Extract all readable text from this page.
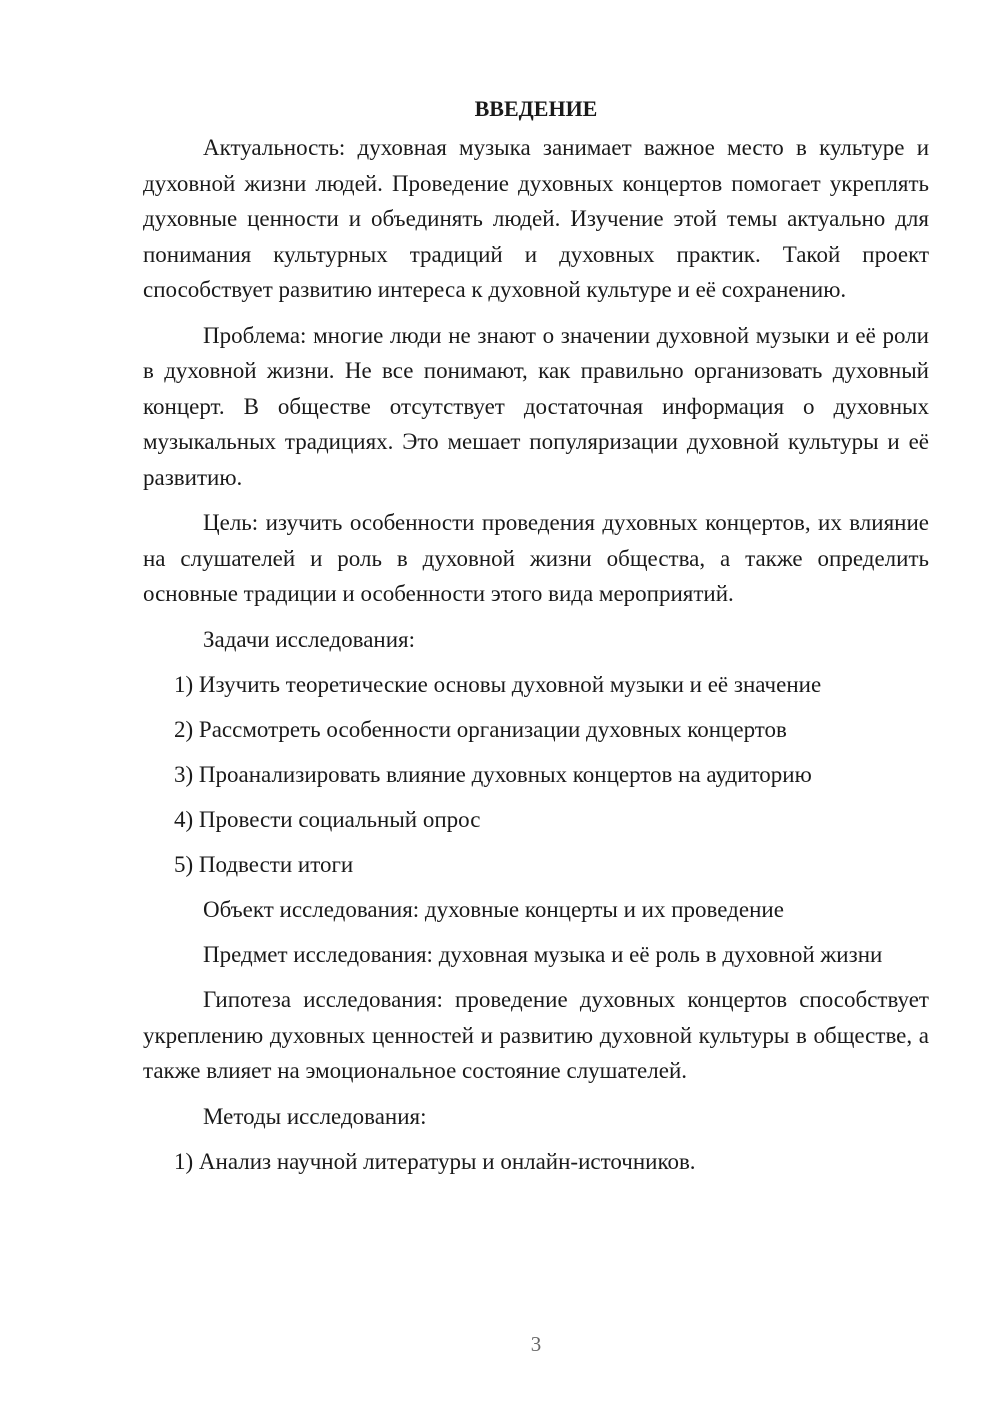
ВВЕДЕНИЕ

Актуальность: духовная музыка занимает важное место в культуре и духовной жизни людей. Проведение духовных концертов помогает укреплять духовные ценности и объединять людей. Изучение этой темы актуально для понимания культурных традиций и духовных практик. Такой проект способствует развитию интереса к духовной культуре и её сохранению.

Проблема: многие люди не знают о значении духовной музыки и её роли в духовной жизни. Не все понимают, как правильно организовать духовный концерт. В обществе отсутствует достаточная информация о духовных музыкальных традициях. Это мешает популяризации духовной культуры и её развитию.

Цель: изучить особенности проведения духовных концертов, их влияние на слушателей и роль в духовной жизни общества, а также определить основные традиции и особенности этого вида мероприятий.

Задачи исследования:

1) Изучить теоретические основы духовной музыки и её значение
2) Рассмотреть особенности организации духовных концертов
3) Проанализировать влияние духовных концертов на аудиторию
4) Провести социальный опрос
5) Подвести итоги

Объект исследования: духовные концерты и их проведение

Предмет исследования: духовная музыка и её роль в духовной жизни

Гипотеза исследования: проведение духовных концертов способствует укреплению духовных ценностей и развитию духовной культуры в обществе, а также влияет на эмоциональное состояние слушателей.

Методы исследования:

1) Анализ научной литературы и онлайн-источников.
3
